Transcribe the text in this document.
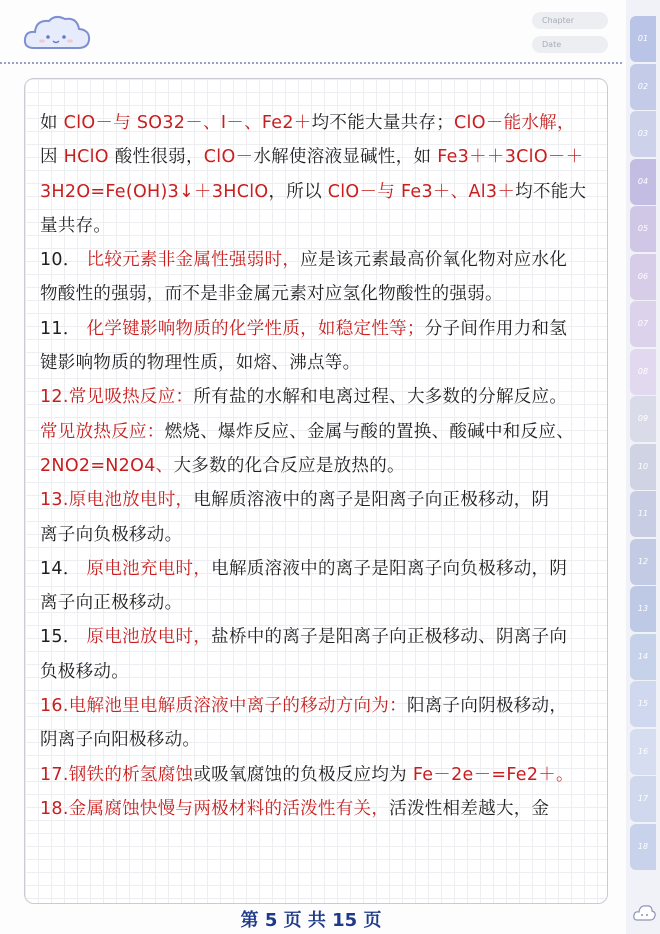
Chapter
Date
01
02
03
04
05
06
07
08
09
10
11
12
13
14
15
16
17
18
如 ClO－与 SO32－、I－、Fe2＋均不能大量共存；ClO－能水解，
因 HClO 酸性很弱，ClO－水解使溶液显碱性，如 Fe3＋＋3ClO－＋
3H2O=Fe(OH)3↓＋3HClO，所以 ClO－与 Fe3＋、Al3＋均不能大
量共存。
10． 比较元素非金属性强弱时，应是该元素最高价氧化物对应水化
物酸性的强弱，而不是非金属元素对应氢化物酸性的强弱。
11． 化学键影响物质的化学性质，如稳定性等；分子间作用力和氢
键影响物质的物理性质，如熔、沸点等。
12.常见吸热反应：所有盐的水解和电离过程、大多数的分解反应。
常见放热反应：燃烧、爆炸反应、金属与酸的置换、酸碱中和反应、
2NO2=N2O4、大多数的化合反应是放热的。
13.原电池放电时，电解质溶液中的离子是阳离子向正极移动，阴
离子向负极移动。
14． 原电池充电时，电解质溶液中的离子是阳离子向负极移动，阴
离子向正极移动。
15． 原电池放电时，盐桥中的离子是阳离子向正极移动、阴离子向
负极移动。
16.电解池里电解质溶液中离子的移动方向为：阳离子向阴极移动，
阴离子向阳极移动。
17.钢铁的析氢腐蚀或吸氧腐蚀的负极反应均为 Fe－2e－=Fe2＋。
18.金属腐蚀快慢与两极材料的活泼性有关，活泼性相差越大，金
第 5 页 共 15 页
